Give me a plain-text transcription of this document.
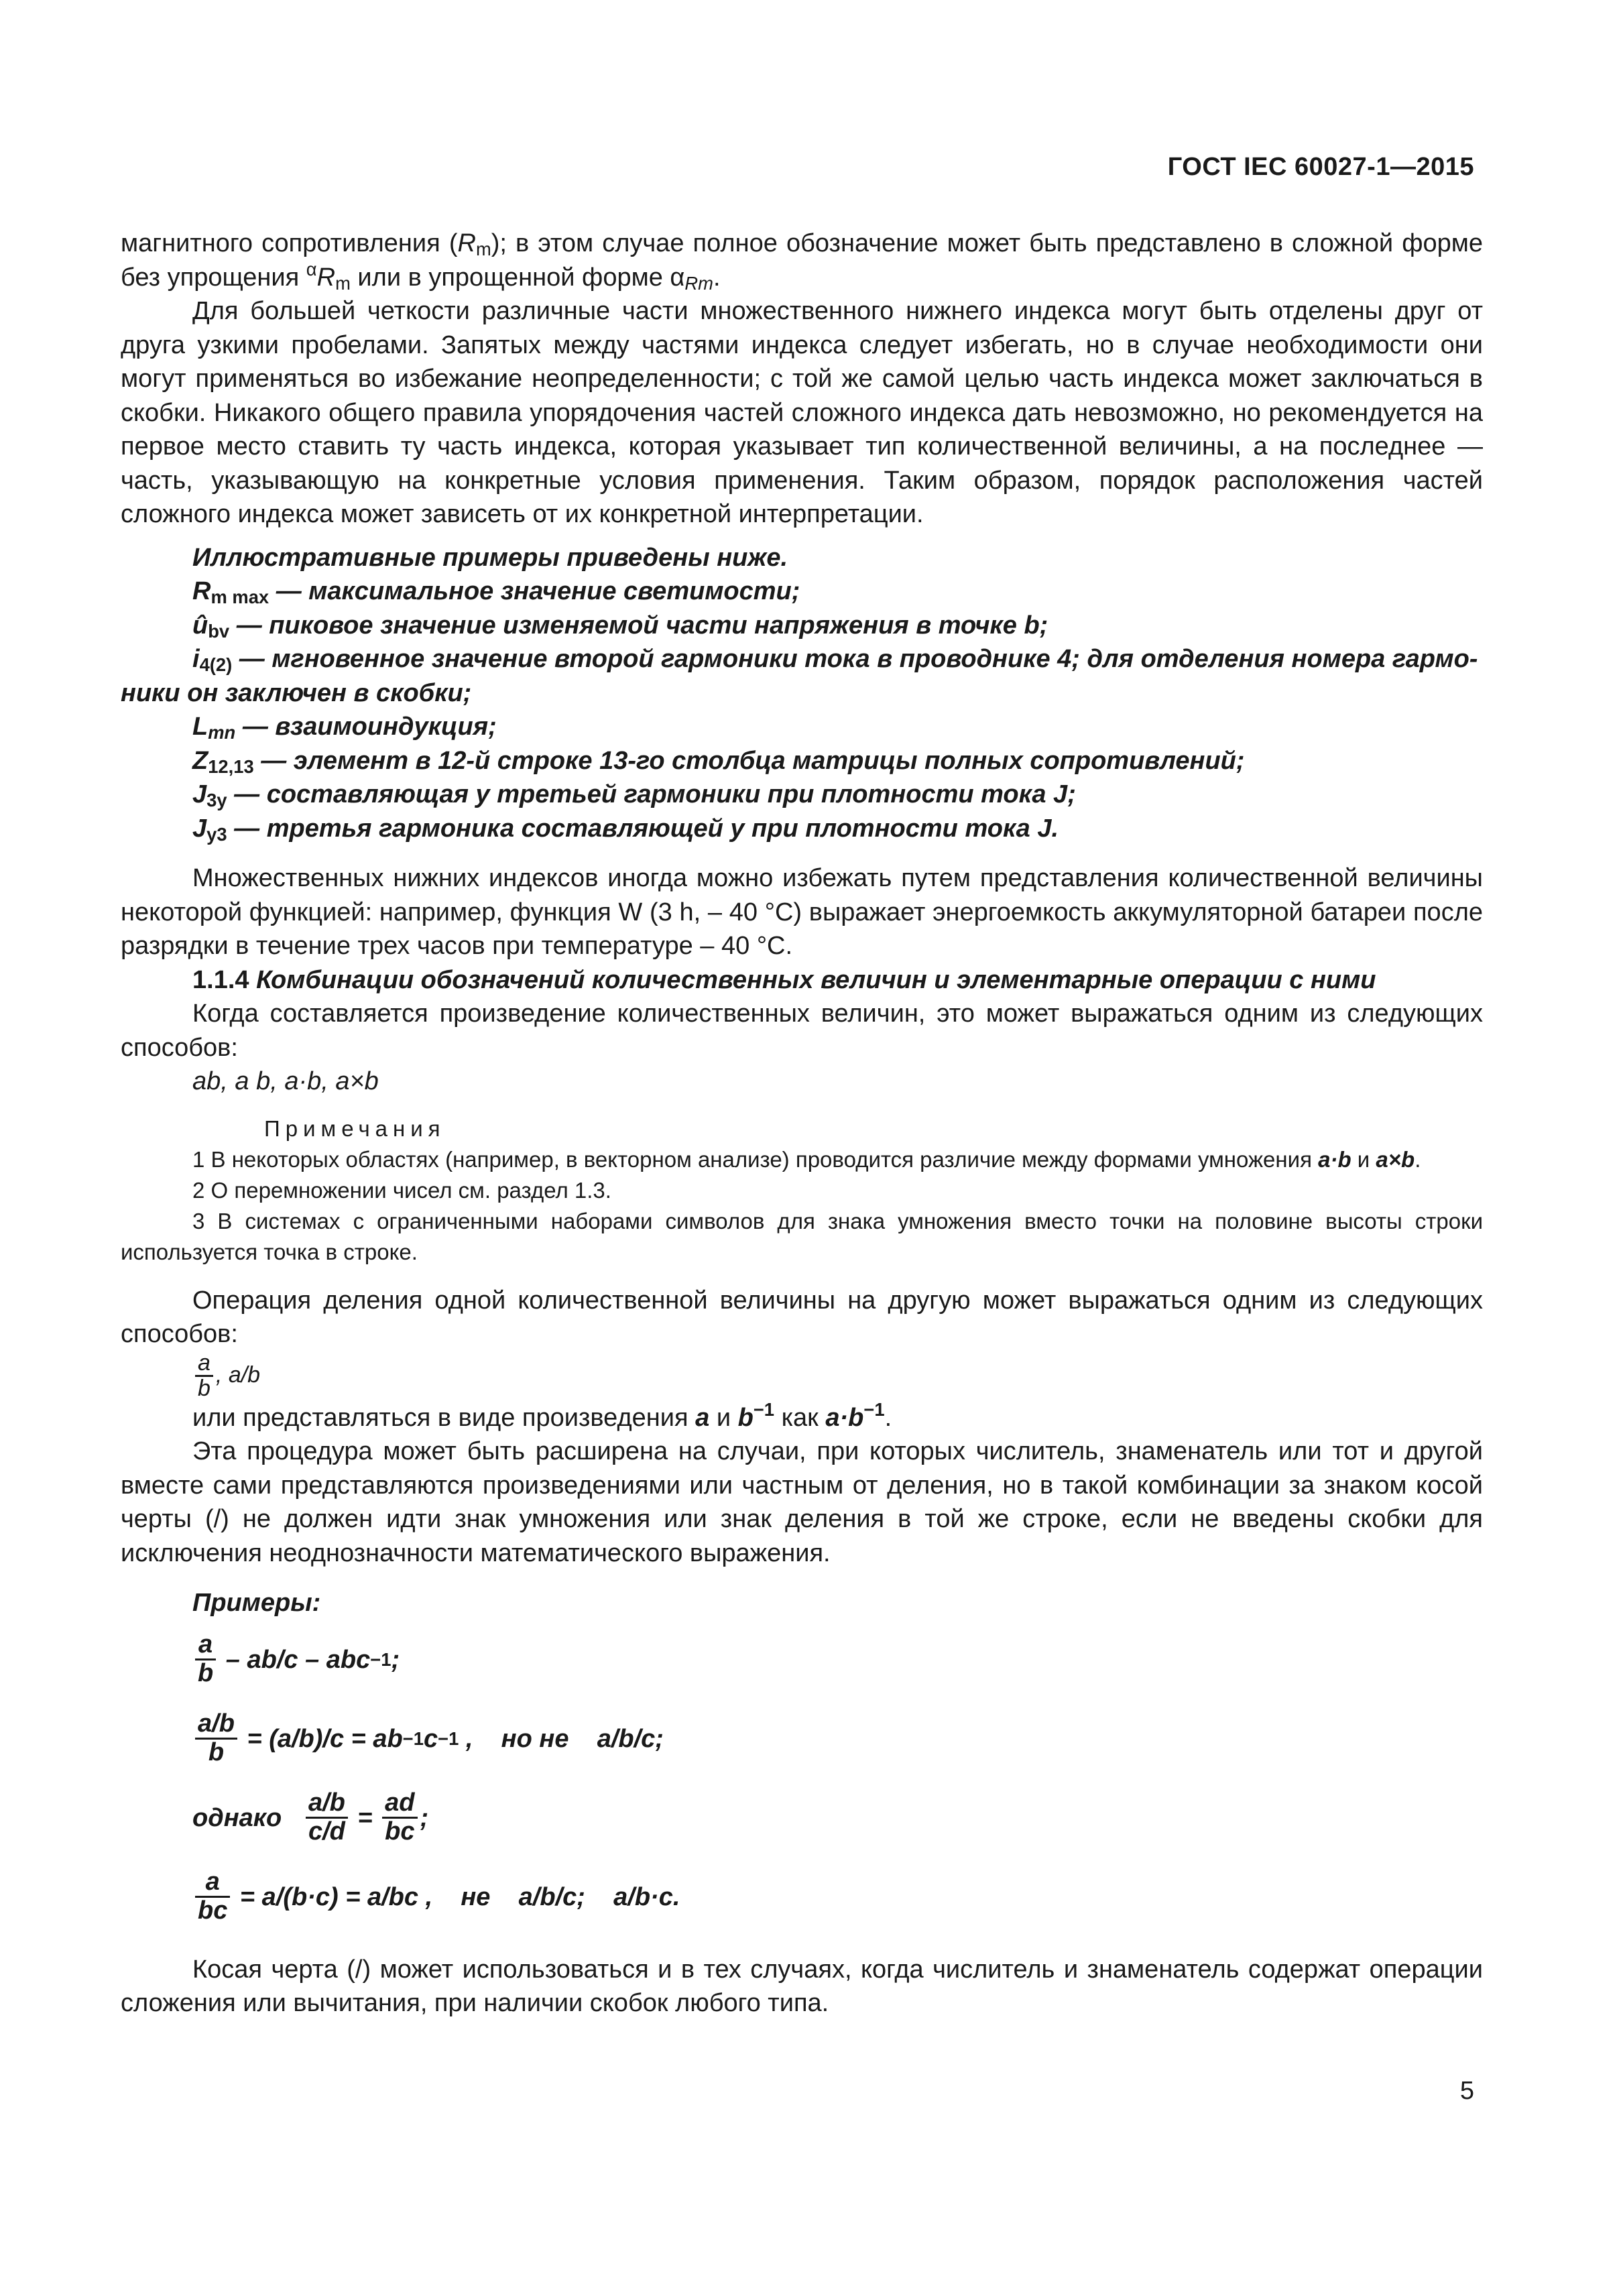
ГОСТ IEC 60027-1—2015

магнитного сопротивления $(R_m)$; в этом случае полное обозначение может быть представлено в сложной форме без упрощения $^\alpha R_m$ или в упрощенной форме $\alpha_{Rm}$.

Для большей четкости различные части множественного нижнего индекса могут быть отделены друг от друга узкими пробелами. Запятых между частями индекса следует избегать, но в случае необходимости они могут применяться во избежание неопределенности; с той же самой целью часть индекса может заключаться в скобки. Никакого общего правила упорядочения частей сложного индекса дать невозможно, но рекомендуется на первое место ставить ту часть индекса, которая указывает тип количественной величины, а на последнее — часть, указывающую на конкретные условия применения. Таким образом, порядок расположения частей сложного индекса может зависеть от их конкретной интерпретации.

Иллюстративные примеры приведены ниже.

$R_{m max}$ — максимальное значение светимости;

$û_{bv}$ — пиковое значение изменяемой части напряжения в точке b;

$i_{4(2)}$ — мгновенное значение второй гармоники тока в проводнике 4; для отделения номера гармо-

ники он заключен в скобки;

$L_{mn}$ — взаимоиндукция;

$Z_{12,13}$ — элемент в 12-й строке 13-го столбца матрицы полных сопротивлений;

$J_{3y}$ — составляющая y третьей гармоники при плотности тока J;

$J_{y3}$ — третья гармоника составляющей y при плотности тока J.

Множественных нижних индексов иногда можно избежать путем представления количественной величины некоторой функцией: например, функция W (3 h, – 40 °C) выражает энергоемкость аккумуляторной батареи после разрядки в течение трех часов при температуре – 40 °C.

1.1.4 Комбинации обозначений количественных величин и элементарные операции с ними

Когда составляется произведение количественных величин, это может выражаться одним из следующих способов:

ab, a b, a·b, a×b

Примечания

1 В некоторых областях (например, в векторном анализе) проводится различие между формами умножения a·b и a×b.

2 О перемножении чисел см. раздел 1.3.

3 В системах с ограниченными наборами символов для знака умножения вместо точки на половине высоты строки используется точка в строке.

Операция деления одной количественной величины на другую может выражаться одним из следующих способов:

$\frac{a}{b}$ , a/b

или представляться в виде произведения a и $b^{-1}$ как $a\cdot b^{-1}$.

Эта процедура может быть расширена на случаи, при которых числитель, знаменатель или тот и другой вместе сами представляются произведениями или частным от деления, но в такой комбинации за знаком косой черты (/) не должен идти знак умножения или знак деления в той же строке, если не введены скобки для исключения неоднозначности математического выражения.

Примеры:

$\frac{a}{b} - ab/c$ – abc −1 ;
$\frac{a/b}{b} = (a/b)/c$ = ab −1 c −1 ,    но не    a/b/c;
однако $\frac{a/b}{c/d} = \frac{ad}{bc}$ ;
$\frac{a}{bc} = a/(b\cdot c) = a/bc$ ,    не    a/b/c;    a/b·c.

Косая черта (/) может использоваться и в тех случаях, когда числитель и знаменатель содержат операции сложения или вычитания, при наличии скобок любого типа.

5
